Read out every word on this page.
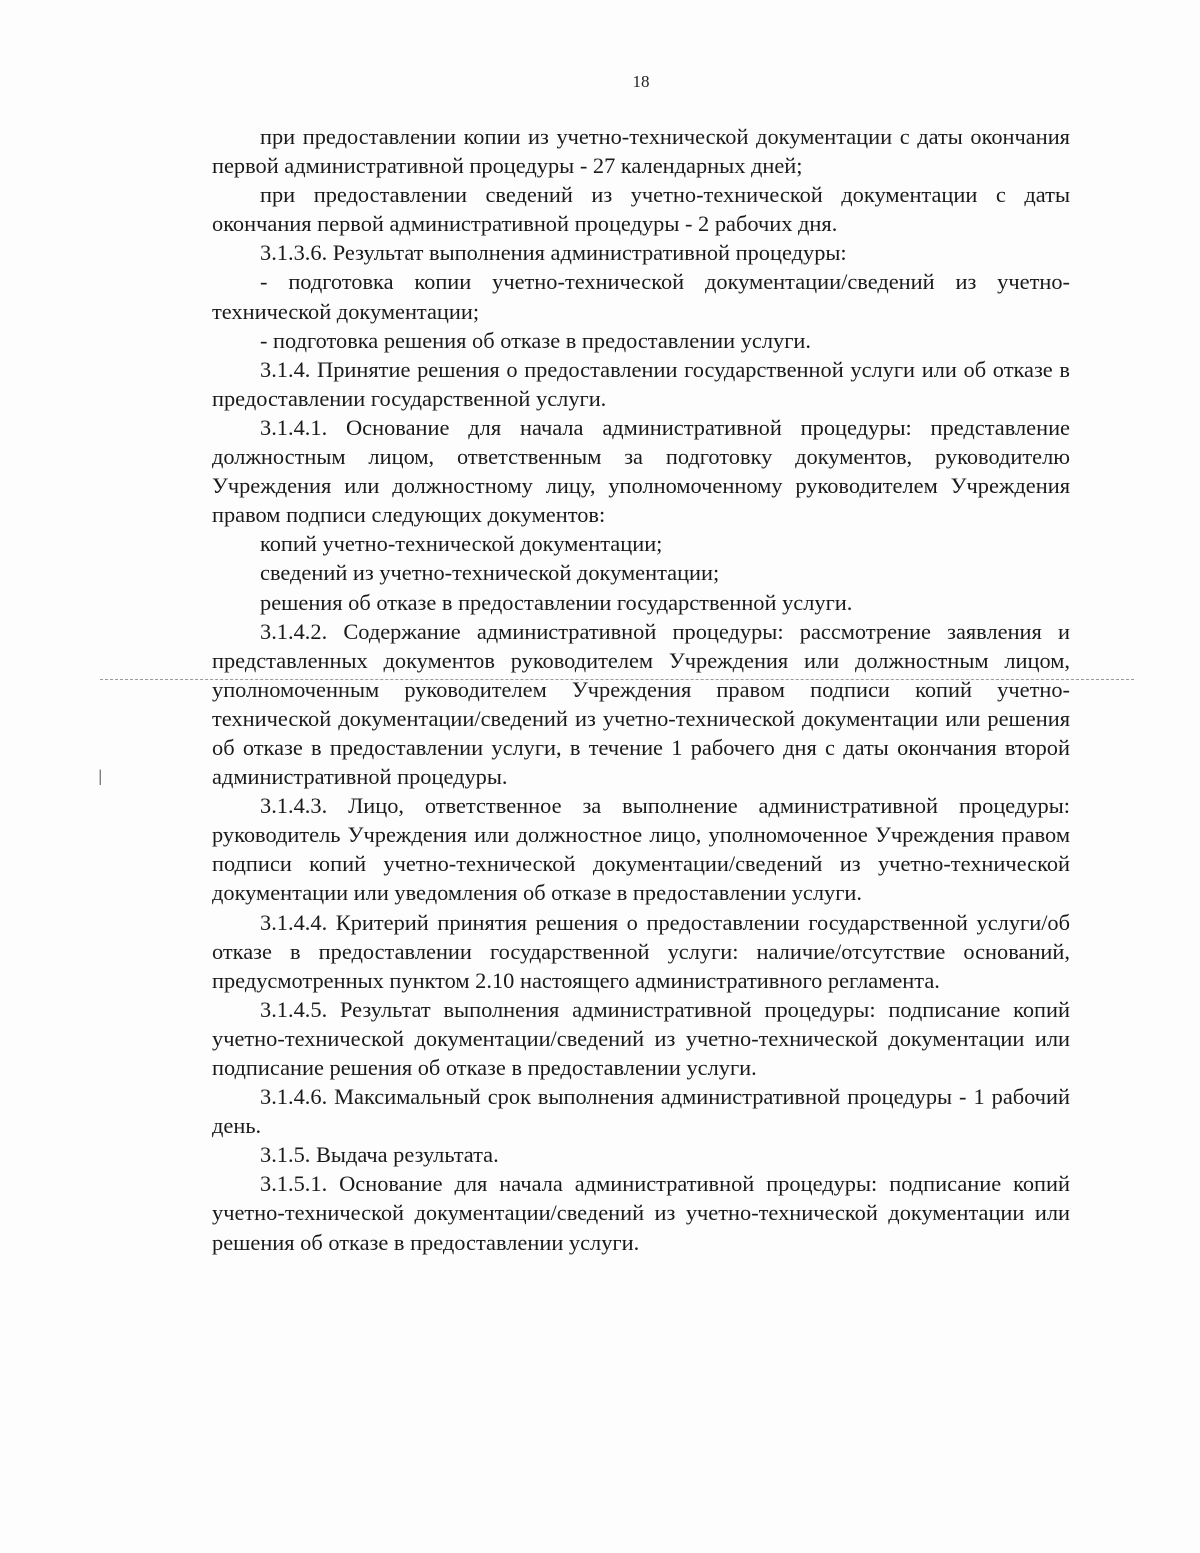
18
ǀ

при предоставлении копии из учетно-технической документации с даты окончания первой административной процедуры - 27 календарных дней;

при предоставлении сведений из учетно-технической документации с даты окончания первой административной процедуры - 2 рабочих дня.

3.1.3.6. Результат выполнения административной процедуры:

- подготовка копии учетно-технической документации/сведений из учетно-технической документации;

- подготовка решения об отказе в предоставлении услуги.

3.1.4. Принятие решения о предоставлении государственной услуги или об отказе в предоставлении государственной услуги.

3.1.4.1. Основание для начала административной процедуры: представление должностным лицом, ответственным за подготовку документов, руководителю Учреждения или должностному лицу, уполномоченному руководителем Учреждения правом подписи следующих документов:

копий учетно-технической документации;

сведений из учетно-технической документации;

решения об отказе в предоставлении государственной услуги.

3.1.4.2. Содержание административной процедуры: рассмотрение заявления и представленных документов руководителем Учреждения или должностным лицом, уполномоченным руководителем Учреждения правом подписи копий учетно-технической документации/сведений из учетно-технической документации или решения об отказе в предоставлении услуги, в течение 1 рабочего дня с даты окончания второй административной процедуры.

3.1.4.3. Лицо, ответственное за выполнение административной процедуры: руководитель Учреждения или должностное лицо, уполномоченное Учреждения правом подписи копий учетно-технической документации/сведений из учетно-технической документации или уведомления об отказе в предоставлении услуги.

3.1.4.4. Критерий принятия решения о предоставлении государственной услуги/об отказе в предоставлении государственной услуги: наличие/отсутствие оснований, предусмотренных пунктом 2.10 настоящего административного регламента.

3.1.4.5. Результат выполнения административной процедуры: подписание копий учетно-технической документации/сведений из учетно-технической документации или подписание решения об отказе в предоставлении услуги.

3.1.4.6. Максимальный срок выполнения административной процедуры - 1 рабочий день.

3.1.5. Выдача результата.

3.1.5.1. Основание для начала административной процедуры: подписание копий учетно-технической документации/сведений из учетно-технической документации или решения об отказе в предоставлении услуги.
